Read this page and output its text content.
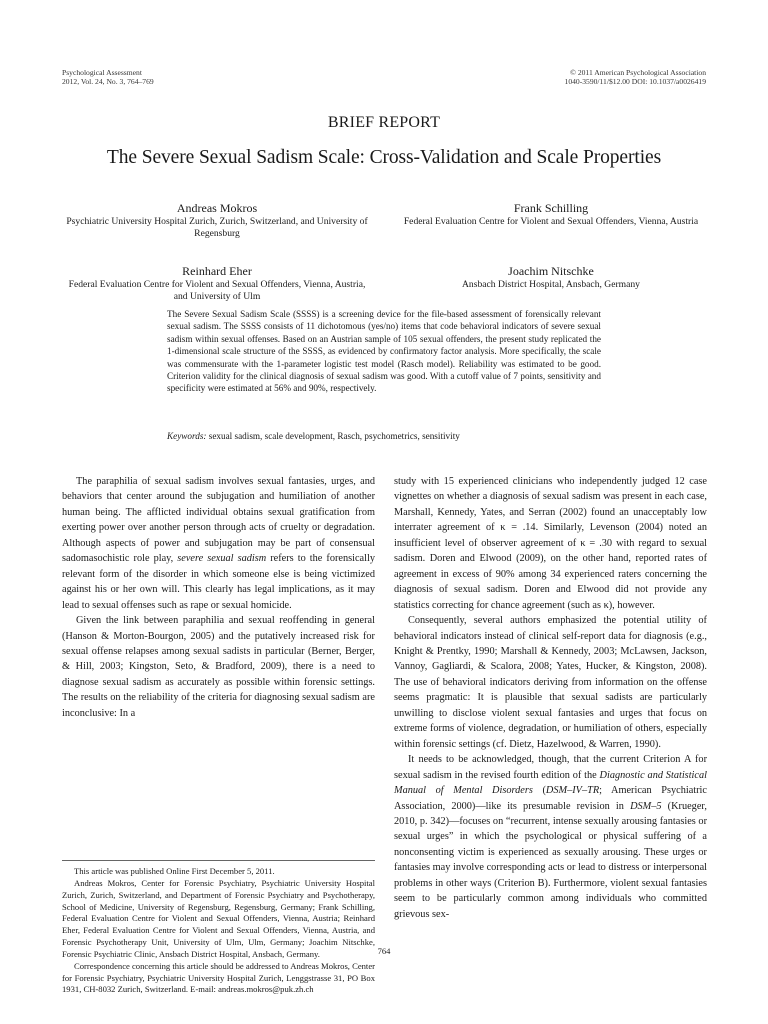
Psychological Assessment
2012, Vol. 24, No. 3, 764–769
© 2011 American Psychological Association
1040-3590/11/$12.00 DOI: 10.1037/a0026419
BRIEF REPORT
The Severe Sexual Sadism Scale: Cross-Validation and Scale Properties
Andreas Mokros
Psychiatric University Hospital Zurich, Zurich, Switzerland, and University of Regensburg
Frank Schilling
Federal Evaluation Centre for Violent and Sexual Offenders, Vienna, Austria
Reinhard Eher
Federal Evaluation Centre for Violent and Sexual Offenders, Vienna, Austria, and University of Ulm
Joachim Nitschke
Ansbach District Hospital, Ansbach, Germany
The Severe Sexual Sadism Scale (SSSS) is a screening device for the file-based assessment of forensically relevant sexual sadism. The SSSS consists of 11 dichotomous (yes/no) items that code behavioral indicators of severe sexual sadism within sexual offenses. Based on an Austrian sample of 105 sexual offenders, the present study replicated the 1-dimensional scale structure of the SSSS, as evidenced by confirmatory factor analysis. More specifically, the scale was commensurate with the 1-parameter logistic test model (Rasch model). Reliability was estimated to be good. Criterion validity for the clinical diagnosis of sexual sadism was good. With a cutoff value of 7 points, sensitivity and specificity were estimated at 56% and 90%, respectively.
Keywords: sexual sadism, scale development, Rasch, psychometrics, sensitivity

The paraphilia of sexual sadism involves sexual fantasies, urges, and behaviors that center around the subjugation and humiliation of another human being. The afflicted individual obtains sexual gratification from exerting power over another person through acts of cruelty or degradation. Although aspects of power and subjugation may be part of consensual sadomasochistic role play, severe sexual sadism refers to the forensically relevant form of the disorder in which someone else is being victimized against his or her own will. This clearly has legal implications, as it may lead to sexual offenses such as rape or sexual homicide.

Given the link between paraphilia and sexual reoffending in general (Hanson & Morton-Bourgon, 2005) and the putatively increased risk for sexual offense relapses among sexual sadists in particular (Berner, Berger, & Hill, 2003; Kingston, Seto, & Bradford, 2009), there is a need to diagnose sexual sadism as accurately as possible within forensic settings. The results on the reliability of the criteria for diagnosing sexual sadism are inconclusive: In a

This article was published Online First December 5, 2011.

Andreas Mokros, Center for Forensic Psychiatry, Psychiatric University Hospital Zurich, Zurich, Switzerland, and Department of Forensic Psychiatry and Psychotherapy, School of Medicine, University of Regensburg, Regensburg, Germany; Frank Schilling, Federal Evaluation Centre for Violent and Sexual Offenders, Vienna, Austria; Reinhard Eher, Federal Evaluation Centre for Violent and Sexual Offenders, Vienna, Austria, and Forensic Psychotherapy Unit, University of Ulm, Ulm, Germany; Joachim Nitschke, Forensic Psychiatric Clinic, Ansbach District Hospital, Ansbach, Germany.

Correspondence concerning this article should be addressed to Andreas Mokros, Center for Forensic Psychiatry, Psychiatric University Hospital Zurich, Lenggstrasse 31, PO Box 1931, CH-8032 Zurich, Switzerland. E-mail: andreas.mokros@puk.zh.ch

study with 15 experienced clinicians who independently judged 12 case vignettes on whether a diagnosis of sexual sadism was present in each case, Marshall, Kennedy, Yates, and Serran (2002) found an unacceptably low interrater agreement of κ = .14. Similarly, Levenson (2004) noted an insufficient level of observer agreement of κ = .30 with regard to sexual sadism. Doren and Elwood (2009), on the other hand, reported rates of agreement in excess of 90% among 34 experienced raters concerning the diagnosis of sexual sadism. Doren and Elwood did not provide any statistics correcting for chance agreement (such as κ), however.

Consequently, several authors emphasized the potential utility of behavioral indicators instead of clinical self-report data for diagnosis (e.g., Knight & Prentky, 1990; Marshall & Kennedy, 2003; McLawsen, Jackson, Vannoy, Gagliardi, & Scalora, 2008; Yates, Hucker, & Kingston, 2008). The use of behavioral indicators deriving from information on the offense seems pragmatic: It is plausible that sexual sadists are particularly unwilling to disclose violent sexual fantasies and urges that focus on extreme forms of violence, degradation, or humiliation of others, especially within forensic settings (cf. Dietz, Hazelwood, & Warren, 1990).

It needs to be acknowledged, though, that the current Criterion A for sexual sadism in the revised fourth edition of the Diagnostic and Statistical Manual of Mental Disorders (DSM–IV–TR; American Psychiatric Association, 2000)—like its presumable revision in DSM–5 (Krueger, 2010, p. 342)—focuses on “recurrent, intense sexually arousing fantasies or sexual urges” in which the psychological or physical suffering of a nonconsenting victim is experienced as sexually arousing. These urges or fantasies may involve corresponding acts or lead to distress or interpersonal problems in other ways (Criterion B). Furthermore, violent sexual fantasies seem to be particularly common among individuals who committed grievous sex-

764
